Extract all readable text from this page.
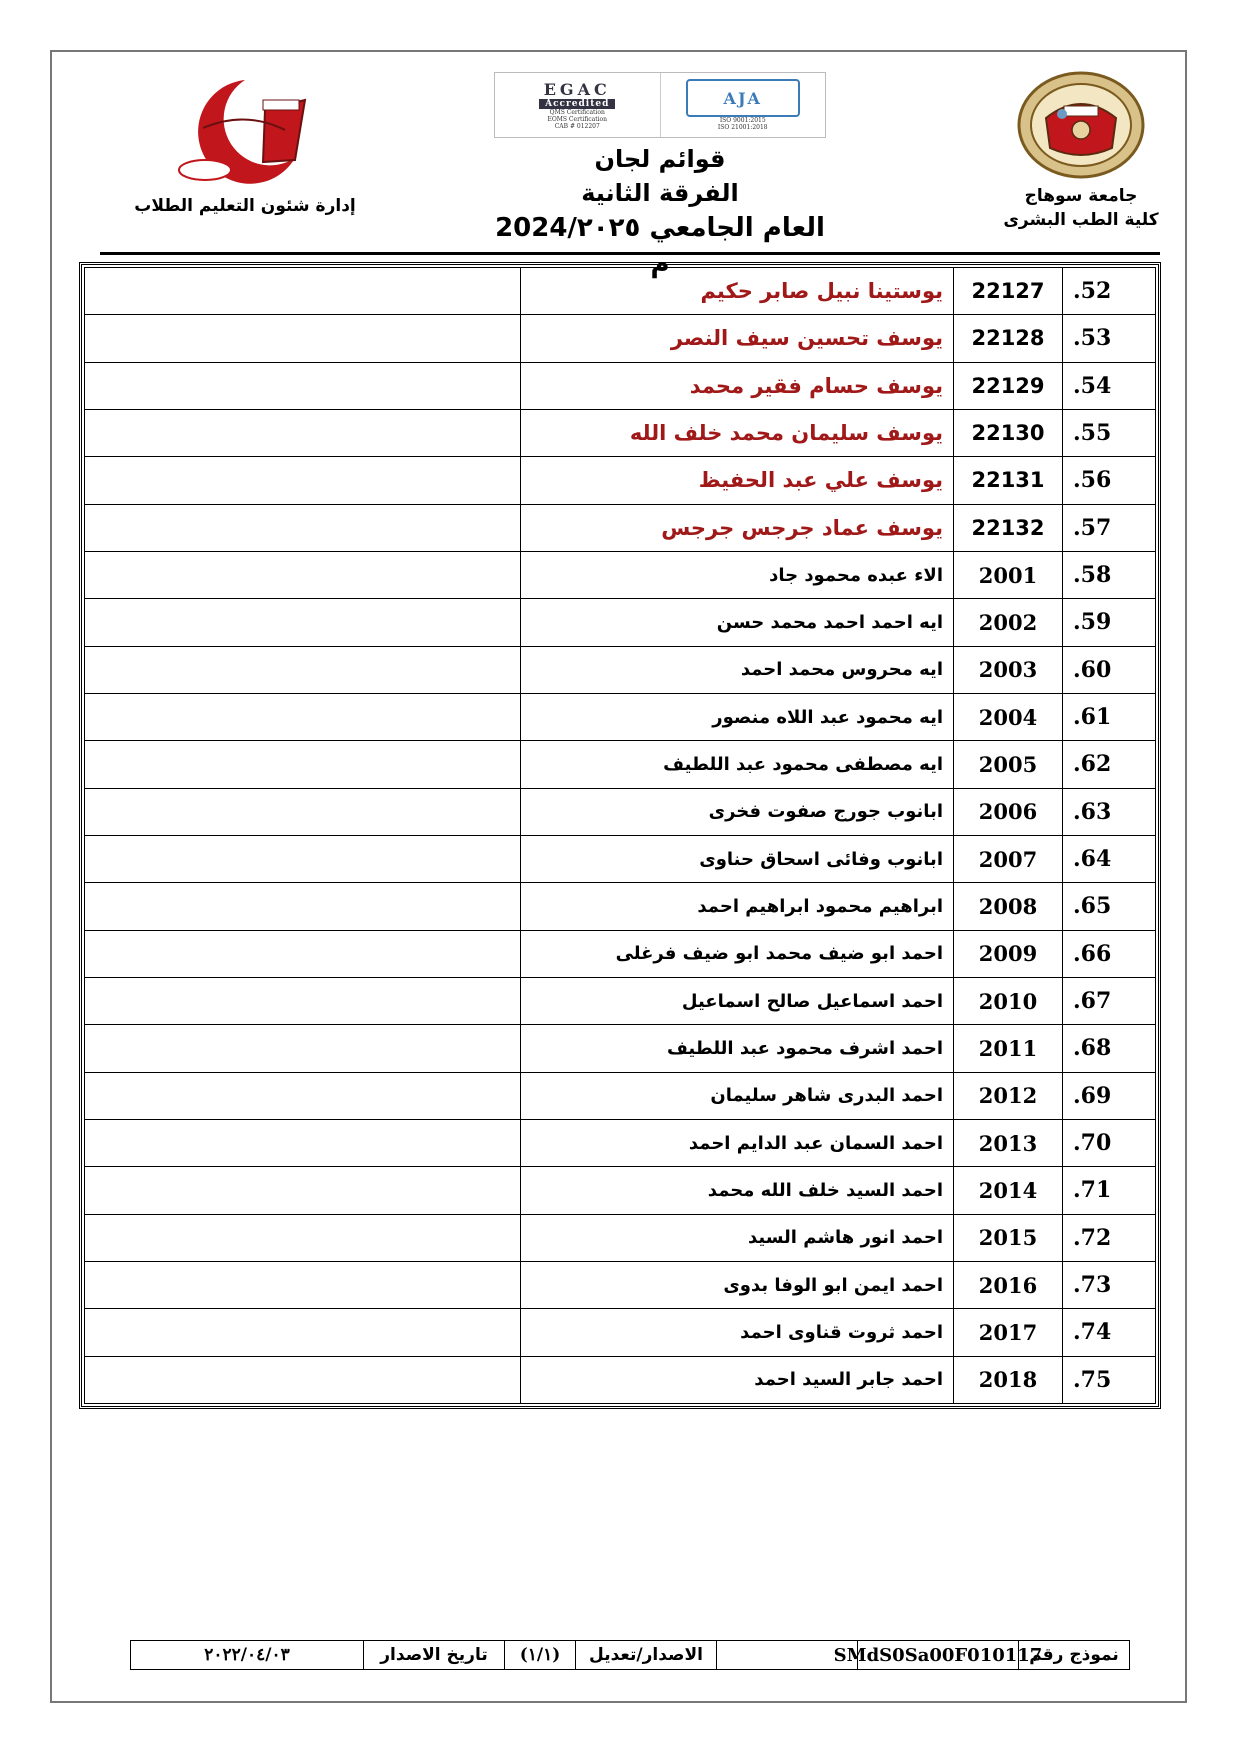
جامعة سوهاج
كلية الطب البشرى
EGAC
Accredited
QMS Certification
EOMS Certification
CAB # 012207
AJA
ISO 9001:2015
ISO 21001:2018
قوائم لجان
الفرقة الثانية
العام الجامعي 2024/٢٠٢٥ م
إدارة شئون التعليم الطلاب
.52	22127	يوستينا نبيل صابر حكيم	
.53	22128	يوسف تحسين سيف النصر	
.54	22129	يوسف حسام فقير محمد	
.55	22130	يوسف سليمان محمد خلف الله	
.56	22131	يوسف علي عبد الحفيظ	
.57	22132	يوسف عماد جرجس جرجس	
.58	2001	الاء عبده محمود جاد	
.59	2002	ايه احمد احمد محمد حسن	
.60	2003	ايه محروس محمد احمد	
.61	2004	ايه محمود عبد اللاه منصور	
.62	2005	ايه مصطفى محمود عبد اللطيف	
.63	2006	ابانوب جورج صفوت فخرى	
.64	2007	ابانوب وفائى اسحاق حناوى	
.65	2008	ابراهيم محمود ابراهيم احمد	
.66	2009	احمد ابو ضيف محمد ابو ضيف فرغلى	
.67	2010	احمد اسماعيل صالح اسماعيل	
.68	2011	احمد اشرف محمود عبد اللطيف	
.69	2012	احمد البدرى شاهر سليمان	
.70	2013	احمد السمان عبد الدايم احمد	
.71	2014	احمد السيد خلف الله محمد	
.72	2015	احمد انور هاشم السيد	
.73	2016	احمد ايمن ابو الوفا بدوى	
.74	2017	احمد ثروت قناوى احمد	
.75	2018	احمد جابر السيد احمد	
نموذج رقم
SMdS0Sa00F010117
الاصدار/تعديل
(١/١)
تاريخ الاصدار
٢٠٢٢/٠٤/٠٣
